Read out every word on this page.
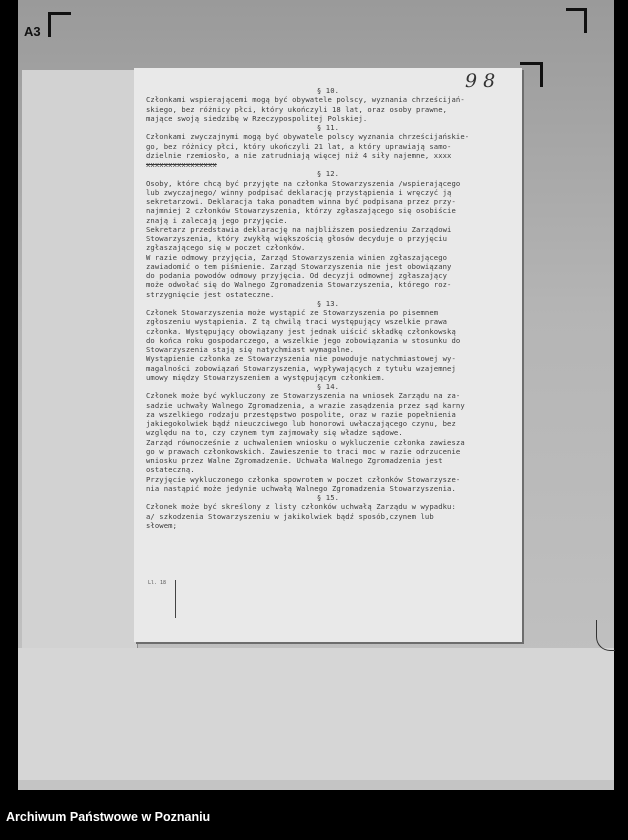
A3
9 8

§ 10.

Członkami wspierającemi mogą być obywatele polscy, wyznania chrześcijań-

skiego, bez różnicy płci, który ukończyli 18 lat, oraz osoby prawne,

mające swoją siedzibę w Rzeczypospolitej Polskiej.

§ 11.

Członkami zwyczajnymi mogą być obywatele polscy wyznania chrześcijańskie-

go, bez różnicy płci, który ukończyli 21 lat, a który uprawiają samo-

dzielnie rzemiosło, a nie zatrudniają więcej niż 4 siły najemne, xxxx

xxxxxxxxxxxxxxxx

§ 12.

Osoby, które chcą być przyjęte na członka Stowarzyszenia /wspierającego

lub zwyczajnego/ winny podpisać deklarację przystąpienia i wręczyć ją

sekretarzowi. Deklaracja taka ponadtem winna być podpisana przez przy-

najmniej 2 członków Stowarzyszenia, którzy zgłaszającego się osobiście

znają i zalecają jego przyjęcie.

Sekretarz przedstawia deklarację na najbliższem posiedzeniu Zarządowi

Stowarzyszenia, który zwykłą większością głosów decyduje o przyjęciu

zgłaszającego się w poczet członków.

W razie odmowy przyjęcia, Zarząd Stowarzyszenia winien zgłaszającego

zawiadomić o tem piśmienie. Zarząd Stowarzyszenia nie jest obowiązany

do podania powodów odmowy przyjęcia. Od decyzji odmownej zgłaszający

może odwołać się do Walnego Zgromadzenia Stowarzyszenia, którego roz-

strzygnięcie jest ostateczne.

§ 13.

Członek Stowarzyszenia może wystąpić ze Stowarzyszenia po pisemnem

zgłoszeniu wystąpienia. Z tą chwilą traci występujący wszelkie prawa

członka. Występujący obowiązany jest jednak uiścić składkę członkowską

do końca roku gospodarczego, a wszelkie jego zobowiązania w stosunku do

Stowarzyszenia stają się natychmiast wymagalne.

Wystąpienie członka ze Stowarzyszenia nie powoduje natychmiastowej wy-

magalności zobowiązań Stowarzyszenia, wypływających z tytułu wzajemnej

umowy między Stowarzyszeniem a występującym członkiem.

§ 14.

Członek może być wykluczony ze Stowarzyszenia na wniosek Zarządu na za-

sadzie uchwały Walnego Zgromadzenia, a wrazie zasądzenia przez sąd karny

za wszelkiego rodzaju przestępstwo pospolite, oraz w razie popełnienia

jakiegokolwiek bądź nieuczciwego lub honorowi uwłaczającego czynu, bez

względu na to, czy czynem tym zajmowały się władze sądowe.

Zarząd równocześnie z uchwaleniem wniosku o wykluczenie członka zawiesza

go w prawach członkowskich. Zawieszenie to traci moc w razie odrzucenie

wniosku przez Walne Zgromadzenie. Uchwała Walnego Zgromadzenia jest

ostateczną.

Przyjęcie wykluczonego członka spowrotem w poczet członków Stowarzysze-

nia nastąpić może jedynie uchwałą Walnego Zgromadzenia Stowarzyszenia.

§ 15.

Członek może być skreślony z listy członków uchwałą Zarządu w wypadku:

a/ szkodzenia Stowarzyszeniu w jakikolwiek bądź sposób,czynem lub

słowem;

Ll. 18
Archiwum Państwowe w Poznaniu
